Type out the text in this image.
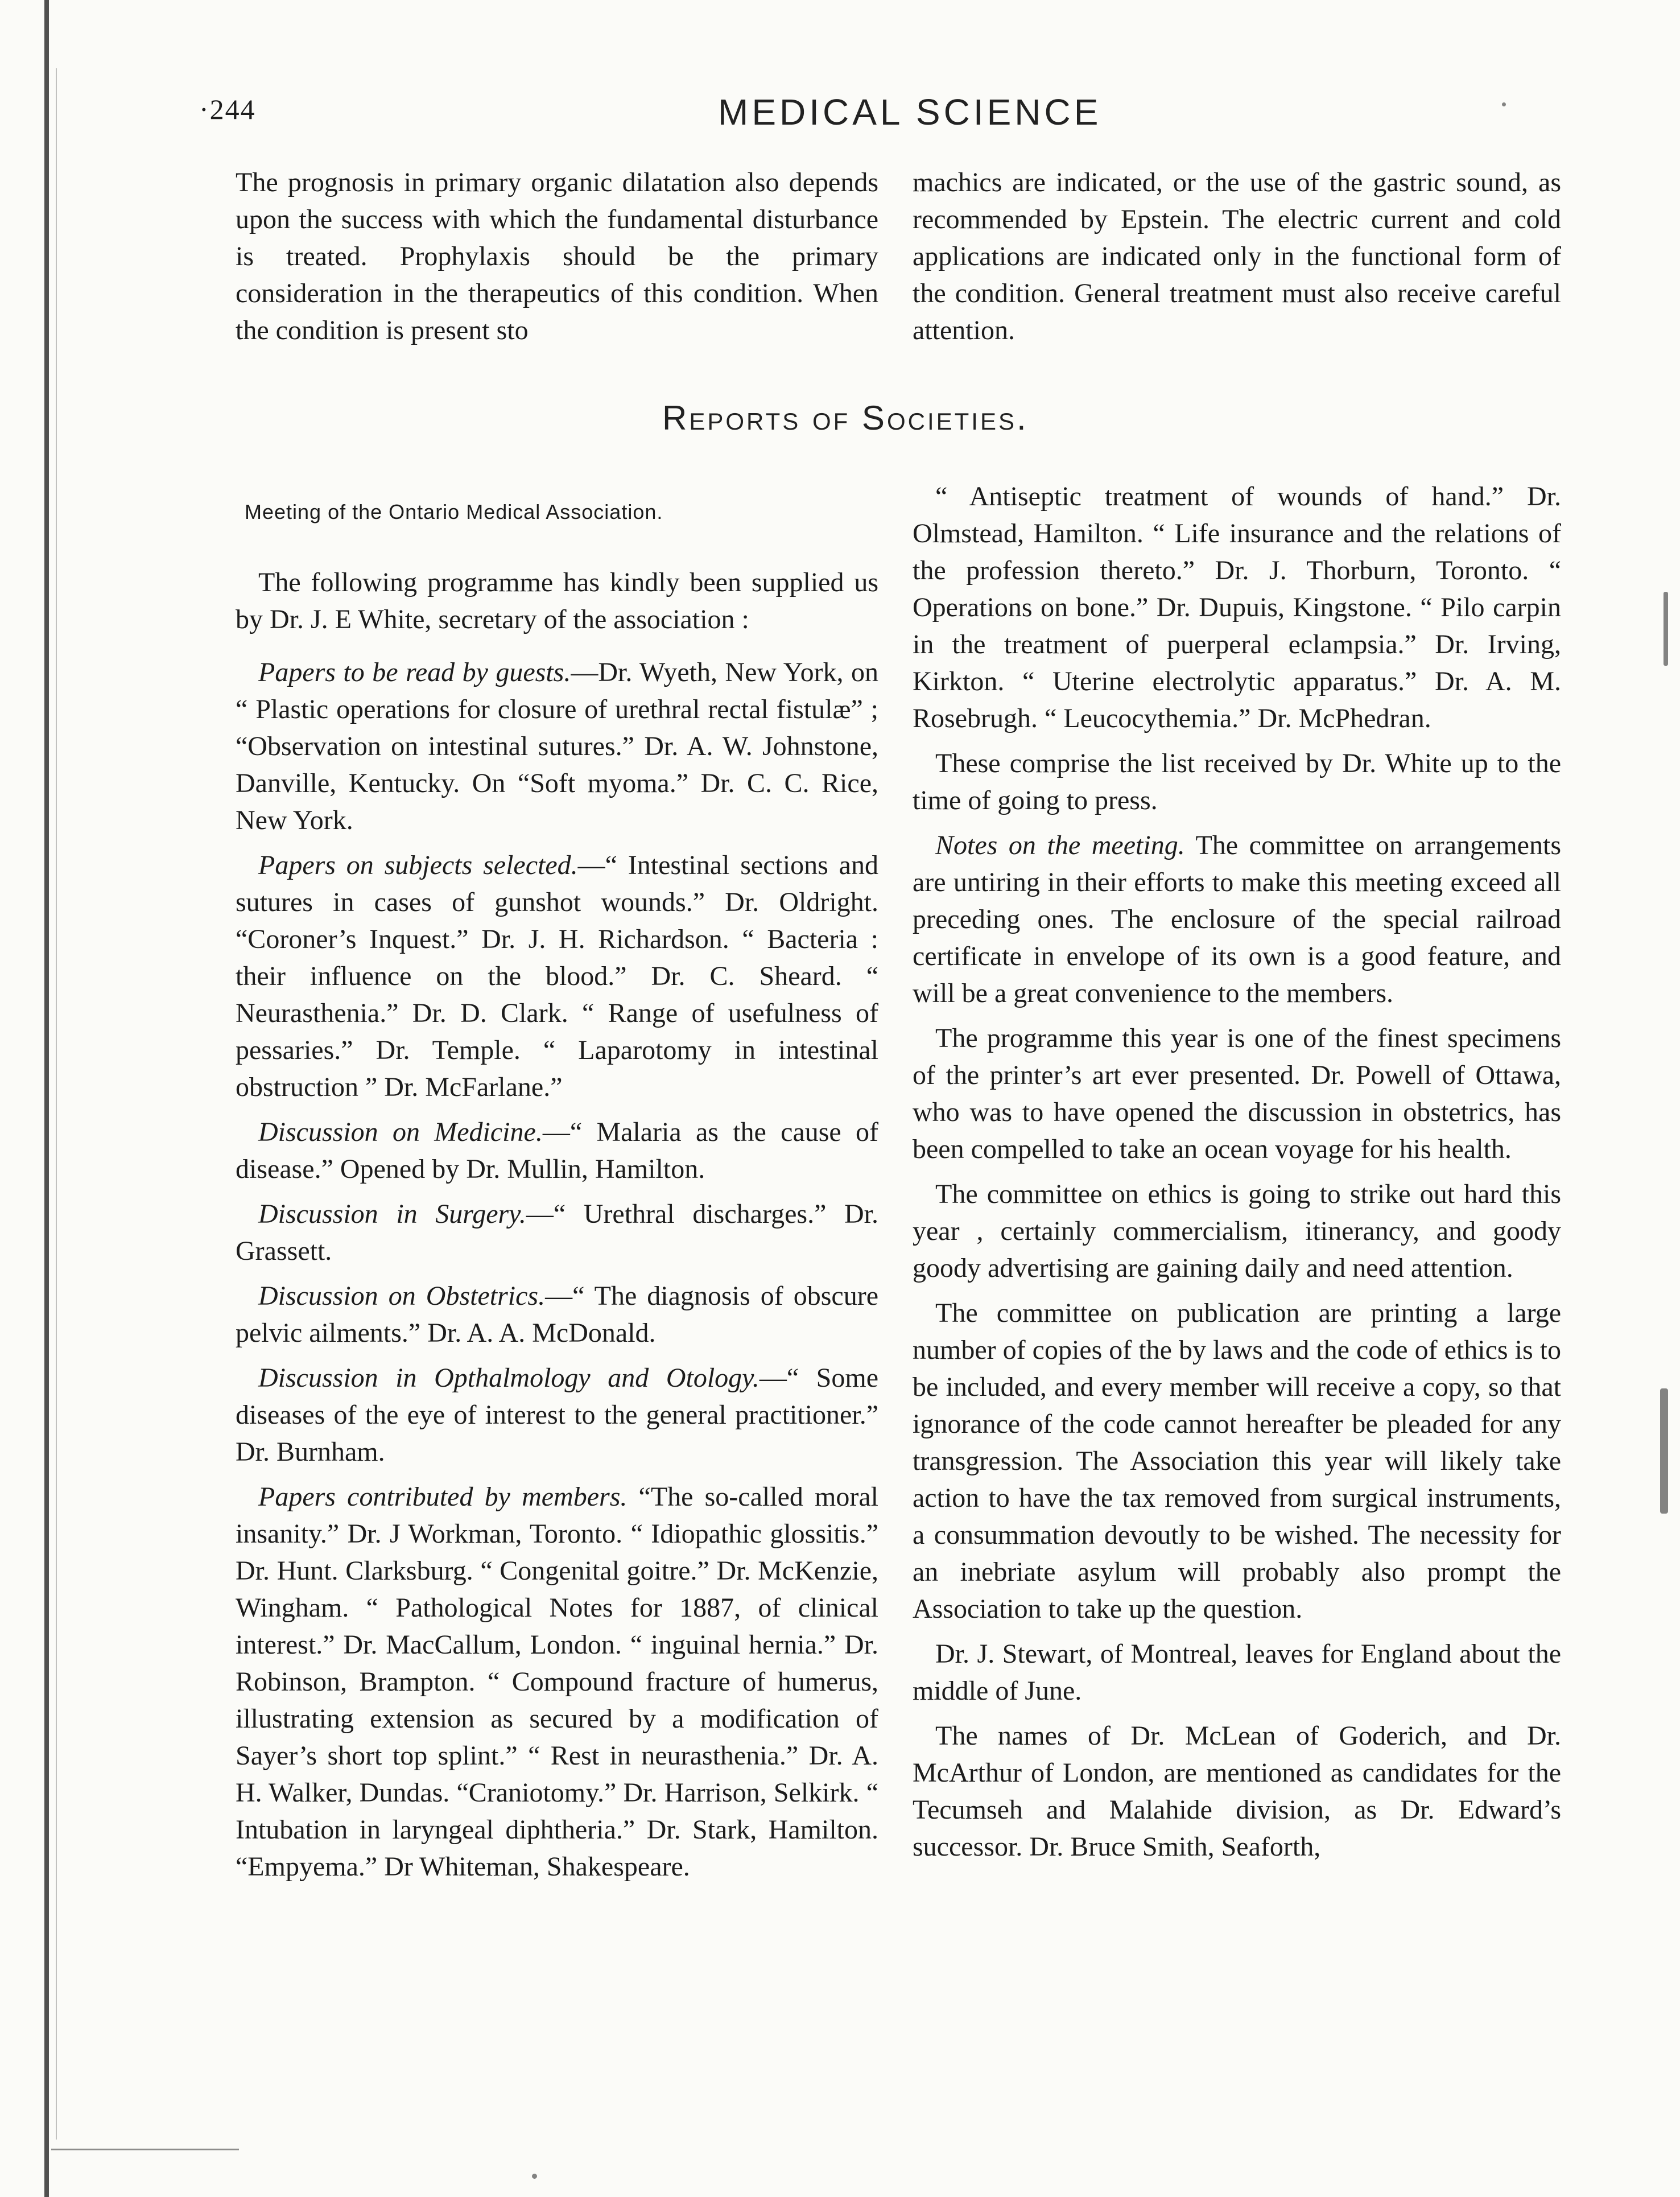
·244	MEDICAL SCIENCE

The prognosis in primary organic dilatation also depends upon the success with which the fundamental disturbance is treated. Prophylaxis should be the primary consideration in the therapeutics of this condition. When the condition is present sto

machics are indicated, or the use of the gastric sound, as recommended by Epstein. The electric current and cold applications are indicated only in the functional form of the condition. General treatment must also receive careful attention.

Reports of Societies.
Meeting of the Ontario Medical Association.

The following programme has kindly been supplied us by Dr. J. E White, secretary of the association :

Papers to be read by guests.—Dr. Wyeth, New York, on “ Plastic operations for closure of urethral rectal fistulæ” ; “Observation on intestinal sutures.” Dr. A. W. Johnstone, Danville, Kentucky. On “Soft myoma.” Dr. C. C. Rice, New York.

Papers on subjects selected.—“ Intestinal sections and sutures in cases of gunshot wounds.” Dr. Oldright. “Coroner’s Inquest.” Dr. J. H. Richardson. “ Bacteria : their influence on the blood.” Dr. C. Sheard. “ Neurasthenia.” Dr. D. Clark. “ Range of usefulness of pessaries.” Dr. Temple. “ Laparotomy in intestinal obstruction ” Dr. McFarlane.”

Discussion on Medicine.—“ Malaria as the cause of disease.” Opened by Dr. Mullin, Hamilton.

Discussion in Surgery.—“ Urethral discharges.” Dr. Grassett.

Discussion on Obstetrics.—“ The diagnosis of obscure pelvic ailments.” Dr. A. A. McDonald.

Discussion in Opthalmology and Otology.—“ Some diseases of the eye of interest to the general practitioner.” Dr. Burnham.

Papers contributed by members. “The so-called moral insanity.” Dr. J Workman, Toronto. “ Idiopathic glossitis.” Dr. Hunt. Clarksburg. “ Congenital goitre.” Dr. McKenzie, Wingham. “ Pathological Notes for 1887, of clinical interest.” Dr. MacCallum, London. “ inguinal hernia.” Dr. Robinson, Brampton. “ Compound fracture of humerus, illustrating extension as secured by a modification of Sayer’s short top splint.” “ Rest in neurasthenia.” Dr. A. H. Walker, Dundas. “Craniotomy.” Dr. Harrison, Selkirk. “ Intubation in laryngeal diphtheria.” Dr. Stark, Hamilton. “Empyema.” Dr Whiteman, Shakespeare.

“ Antiseptic treatment of wounds of hand.” Dr. Olmstead, Hamilton. “ Life insurance and the relations of the profession thereto.” Dr. J. Thorburn, Toronto. “ Operations on bone.” Dr. Dupuis, Kingstone. “ Pilo carpin in the treatment of puerperal eclampsia.” Dr. Irving, Kirkton. “ Uterine electrolytic apparatus.” Dr. A. M. Rosebrugh. “ Leucocythemia.” Dr. McPhedran.

These comprise the list received by Dr. White up to the time of going to press.

Notes on the meeting. The committee on arrangements are untiring in their efforts to make this meeting exceed all preceding ones. The enclosure of the special railroad certificate in envelope of its own is a good feature, and will be a great convenience to the members.

The programme this year is one of the finest specimens of the printer’s art ever presented. Dr. Powell of Ottawa, who was to have opened the discussion in obstetrics, has been compelled to take an ocean voyage for his health.

The committee on ethics is going to strike out hard this year , certainly commercialism, itinerancy, and goody goody advertising are gaining daily and need attention.

The committee on publication are printing a large number of copies of the by laws and the code of ethics is to be included, and every member will receive a copy, so that ignorance of the code cannot hereafter be pleaded for any transgression. The Association this year will likely take action to have the tax removed from surgical instruments, a consummation devoutly to be wished. The necessity for an inebriate asylum will probably also prompt the Association to take up the question.

Dr. J. Stewart, of Montreal, leaves for England about the middle of June.

The names of Dr. McLean of Goderich, and Dr. McArthur of London, are mentioned as candidates for the Tecumseh and Malahide division, as Dr. Edward’s successor. Dr. Bruce Smith, Seaforth,
